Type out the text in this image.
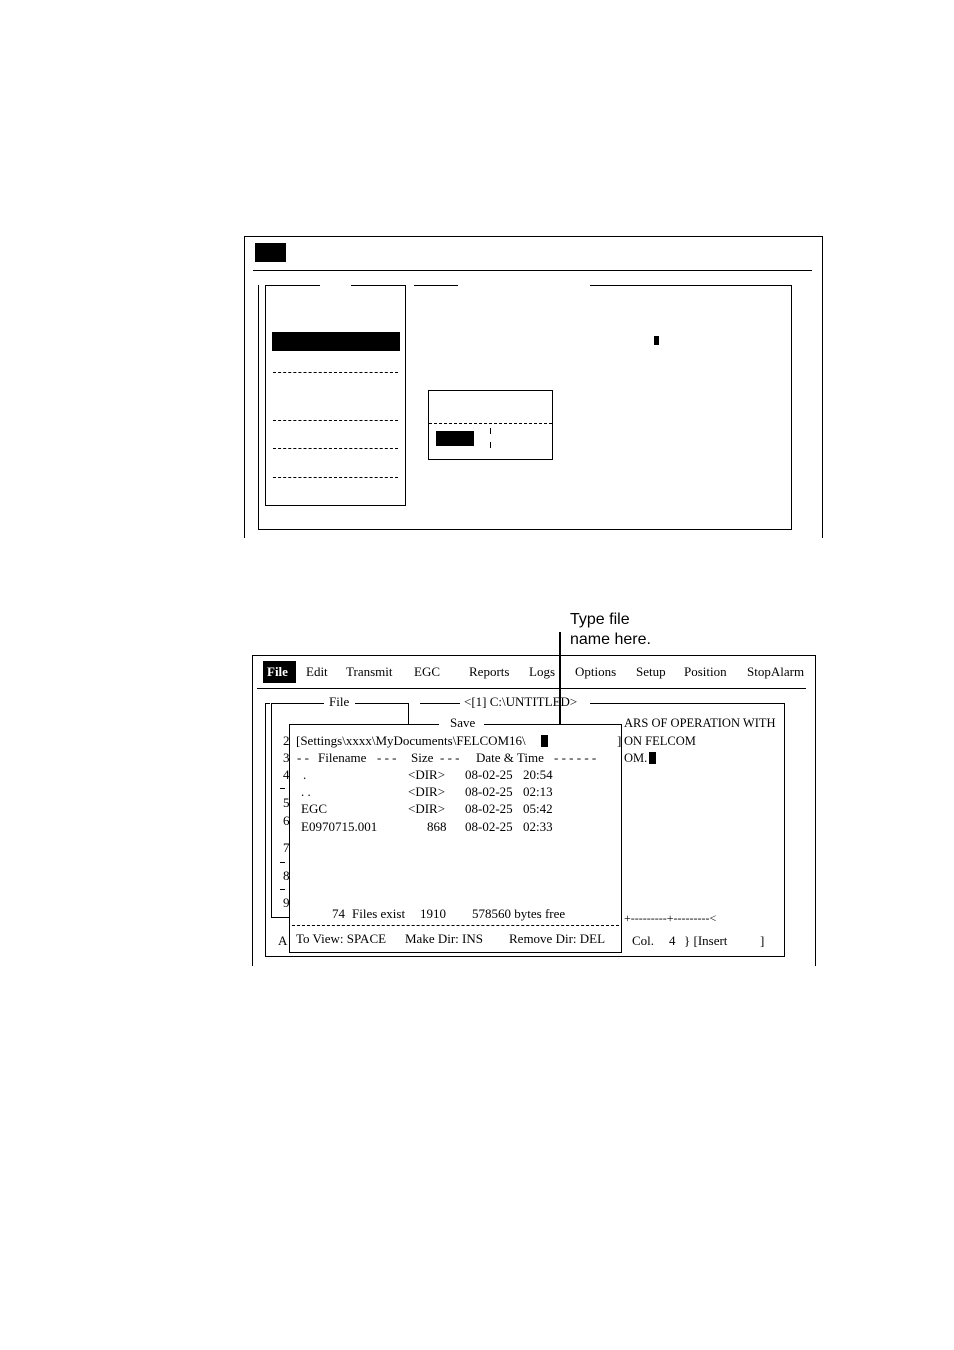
Type file
name here.
File Edit Transmit EGC Reports Logs Options Setup Position StopAlarm
<[1] C:\UNTITLED>
File
2
3
4
5
6
7
8
9
ARS OF OPERATION WITH
ON FELCOM
OM.
A
+---------+---------<
Col. 4 } [Insert	]
Save
[Settings\xxxx\MyDocuments\FELCOM16\	]
- - Filename - - - Size - - - Date & Time - - - - - -
.	<DIR> 08-02-25 20:54
. .	<DIR> 08-02-25 02:13
EGC	<DIR> 08-02-25 05:42
E0970715.001	868 08-02-25 02:33
74 Files exist 1910 578560 bytes free
To View: SPACE Make Dir: INS Remove Dir: DEL
